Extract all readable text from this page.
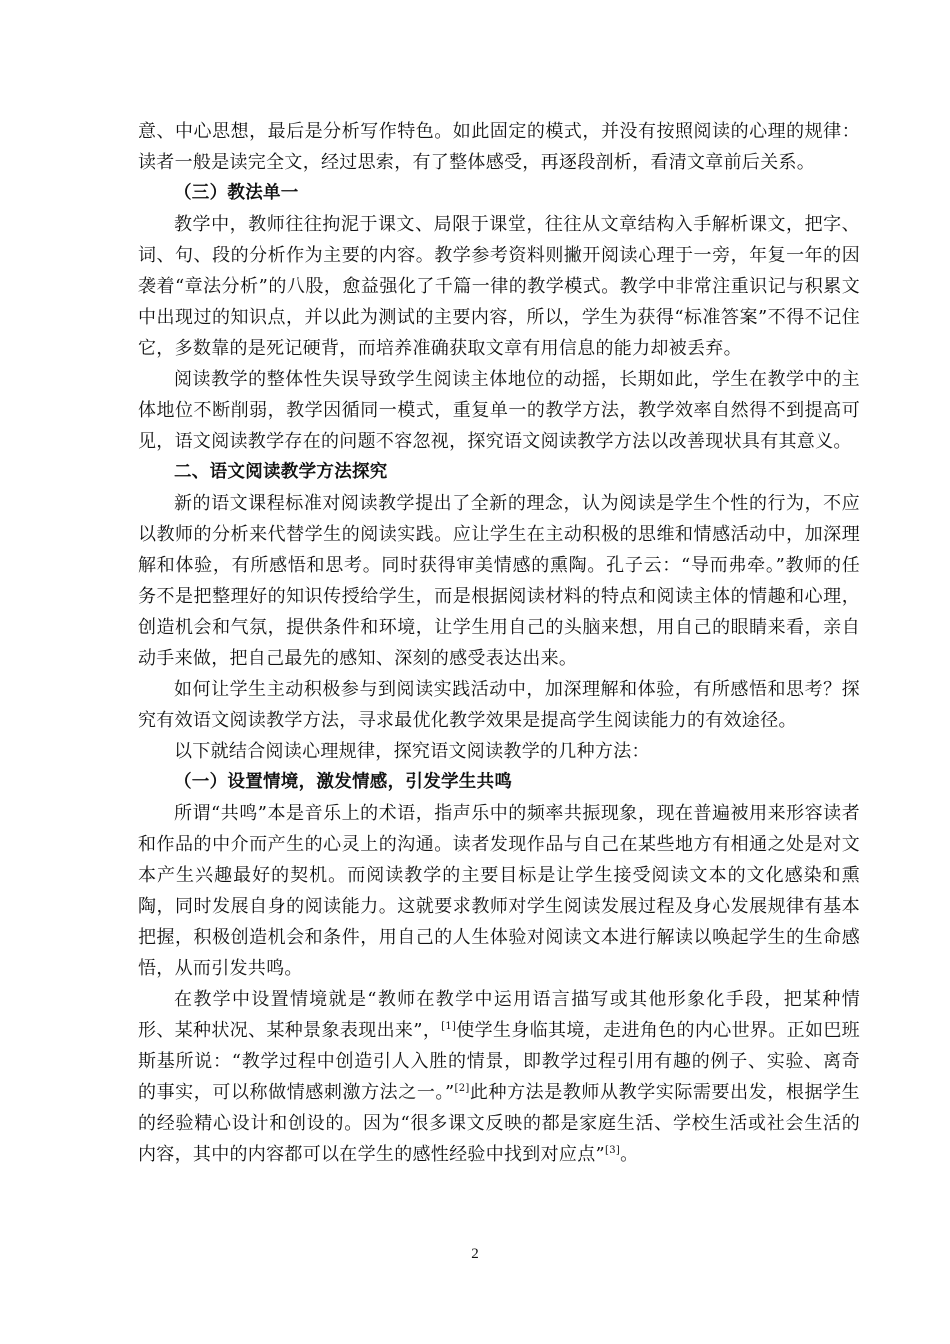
意、中心思想，最后是分析写作特色。如此固定的模式，并没有按照阅读的心理的规律：读者一般是读完全文，经过思索，有了整体感受，再逐段剖析，看清文章前后关系。

（三）教法单一

教学中，教师往往拘泥于课文、局限于课堂，往往从文章结构入手解析课文，把字、词、句、段的分析作为主要的内容。教学参考资料则撇开阅读心理于一旁，年复一年的因袭着“章法分析”的八股，愈益强化了千篇一律的教学模式。教学中非常注重识记与积累文中出现过的知识点，并以此为测试的主要内容，所以，学生为获得“标准答案”不得不记住它，多数靠的是死记硬背，而培养准确获取文章有用信息的能力却被丢弃。

阅读教学的整体性失误导致学生阅读主体地位的动摇，长期如此，学生在教学中的主体地位不断削弱，教学因循同一模式，重复单一的教学方法，教学效率自然得不到提高可见，语文阅读教学存在的问题不容忽视，探究语文阅读教学方法以改善现状具有其意义。

二、语文阅读教学方法探究

新的语文课程标准对阅读教学提出了全新的理念，认为阅读是学生个性的行为，不应以教师的分析来代替学生的阅读实践。应让学生在主动积极的思维和情感活动中，加深理解和体验，有所感悟和思考。同时获得审美情感的熏陶。孔子云：“导而弗牵。”教师的任务不是把整理好的知识传授给学生，而是根据阅读材料的特点和阅读主体的情趣和心理，创造机会和气氛，提供条件和环境，让学生用自己的头脑来想，用自己的眼睛来看，亲自动手来做，把自己最先的感知、深刻的感受表达出来。

如何让学生主动积极参与到阅读实践活动中，加深理解和体验，有所感悟和思考？探究有效语文阅读教学方法，寻求最优化教学效果是提高学生阅读能力的有效途径。

以下就结合阅读心理规律，探究语文阅读教学的几种方法：

（一）设置情境，激发情感，引发学生共鸣

所谓“共鸣”本是音乐上的术语，指声乐中的频率共振现象，现在普遍被用来形容读者和作品的中介而产生的心灵上的沟通。读者发现作品与自己在某些地方有相通之处是对文本产生兴趣最好的契机。而阅读教学的主要目标是让学生接受阅读文本的文化感染和熏陶，同时发展自身的阅读能力。这就要求教师对学生阅读发展过程及身心发展规律有基本把握，积极创造机会和条件，用自己的人生体验对阅读文本进行解读以唤起学生的生命感悟，从而引发共鸣。

在教学中设置情境就是“教师在教学中运用语言描写或其他形象化手段，把某种情形、某种状况、某种景象表现出来”，[1]使学生身临其境，走进角色的内心世界。正如巴班斯基所说：“教学过程中创造引人入胜的情景，即教学过程引用有趣的例子、实验、离奇的事实，可以称做情感刺激方法之一。”[2]此种方法是教师从教学实际需要出发，根据学生的经验精心设计和创设的。因为“很多课文反映的都是家庭生活、学校生活或社会生活的内容，其中的内容都可以在学生的感性经验中找到对应点”[3]。

2
